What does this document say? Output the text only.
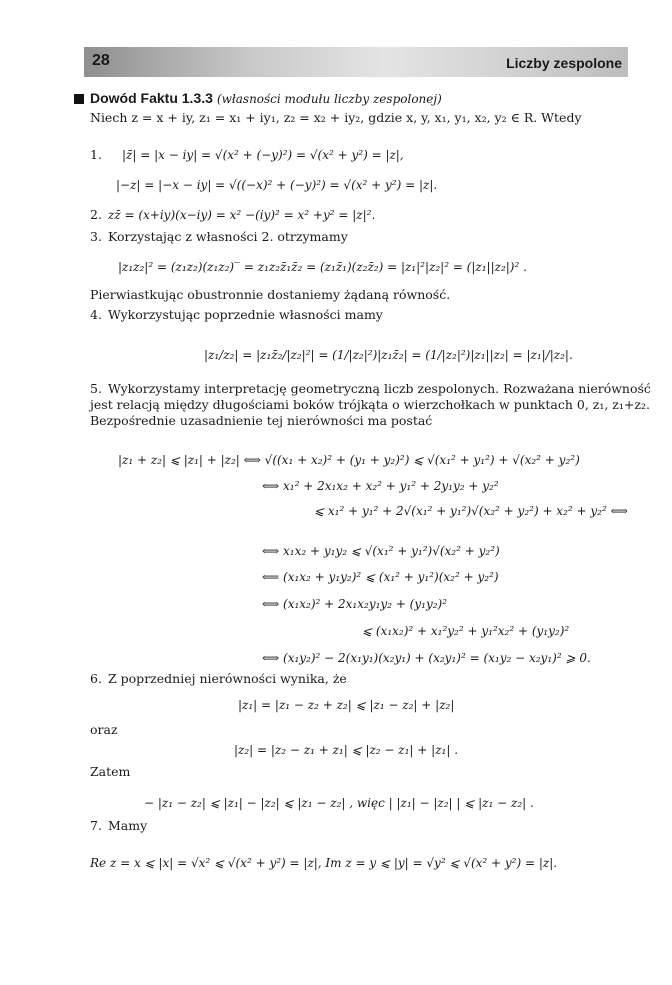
28	Liczby zespolone
Dowód Faktu 1.3.3 (własności modułu liczby zespolonej)
Niech z = x + iy, z₁ = x₁ + iy₁, z₂ = x₂ + iy₂, gdzie x, y, x₁, y₁, x₂, y₂ ∈ R. Wtedy
1. |z̄| = |x − iy| = √(x² + (−y)²) = √(x² + y²) = |z|,
|−z| = |−x − iy| = √((−x)² + (−y)²) = √(x² + y²) = |z|.
2. zz̄ = (x+iy)(x−iy) = x² −(iy)² = x² +y² = |z|².
3. Korzystając z własności 2. otrzymamy
|z₁z₂|² = (z₁z₂)(z₁z₂)‾ = z₁z₂z̄₁z̄₂ = (z₁z̄₁)(z₂z̄₂) = |z₁|²|z₂|² = (|z₁||z₂|)² .
Pierwiastkując obustronnie dostaniemy żądaną równość.
4. Wykorzystując poprzednie własności mamy
|z₁/z₂| = |z₁z̄₂/|z₂|²| = (1/|z₂|²)|z₁z̄₂| = (1/|z₂|²)|z₁||z₂| = |z₁|/|z₂|.
5. Wykorzystamy interpretację geometryczną liczb zespolonych. Rozważana nierówność
jest relacją między długościami boków trójkąta o wierzchołkach w punktach 0, z₁, z₁+z₂.
Bezpośrednie uzasadnienie tej nierówności ma postać
|z₁ + z₂| ⩽ |z₁| + |z₂| ⟺ √((x₁ + x₂)² + (y₁ + y₂)²) ⩽ √(x₁² + y₁²) + √(x₂² + y₂²)
⟺ x₁² + 2x₁x₂ + x₂² + y₁² + 2y₁y₂ + y₂²
⩽ x₁² + y₁² + 2√(x₁² + y₁²)√(x₂² + y₂²) + x₂² + y₂² ⟺
⟺ x₁x₂ + y₁y₂ ⩽ √(x₁² + y₁²)√(x₂² + y₂²)
⟸ (x₁x₂ + y₁y₂)² ⩽ (x₁² + y₁²)(x₂² + y₂²)
⟺ (x₁x₂)² + 2x₁x₂y₁y₂ + (y₁y₂)²
⩽ (x₁x₂)² + x₁²y₂² + y₁²x₂² + (y₁y₂)²
⟺ (x₁y₂)² − 2(x₁y₁)(x₂y₁) + (x₂y₁)² = (x₁y₂ − x₂y₁)² ⩾ 0.
6. Z poprzedniej nierówności wynika, że
|z₁| = |z₁ − z₂ + z₂| ⩽ |z₁ − z₂| + |z₂|
oraz
|z₂| = |z₂ − z₁ + z₁| ⩽ |z₂ − z₁| + |z₁| .
Zatem
− |z₁ − z₂| ⩽ |z₁| − |z₂| ⩽ |z₁ − z₂| , więc | |z₁| − |z₂| | ⩽ |z₁ − z₂| .
7. Mamy
Re z = x ⩽ |x| = √x² ⩽ √(x² + y²) = |z|, Im z = y ⩽ |y| = √y² ⩽ √(x² + y²) = |z|.
